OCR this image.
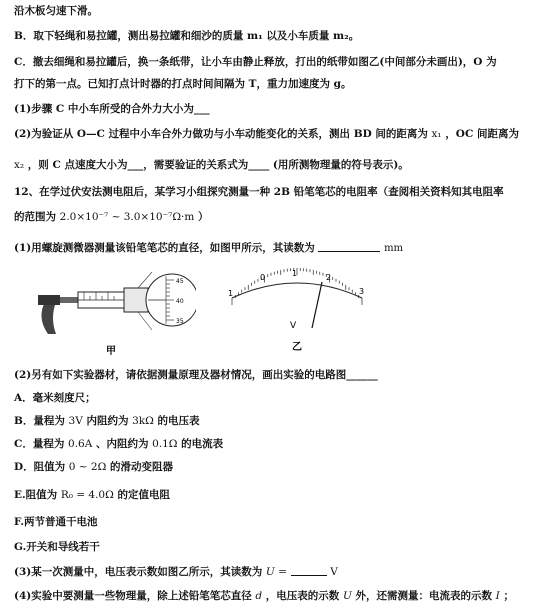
沿木板匀速下滑。
B．取下轻绳和易拉罐，测出易拉罐和细沙的质量 m₁ 以及小车质量 m₂。
C．撤去细绳和易拉罐后，换一条纸带，让小车由静止释放，打出的纸带如图乙(中间部分未画出)，O 为
打下的第一点。已知打点计时器的打点时间间隔为 T，重力加速度为 g。
(1)步骤 C 中小车所受的合外力大小为___
(2)为验证从 O—C 过程中小车合外力做功与小车动能变化的关系，测出 BD 间的距离为 x₁ ，OC 间距离为
x₂ ，则 C 点速度大小为___，需要验证的关系式为____ (用所测物理量的符号表示)。
12、在学过伏安法测电阻后，某学习小组探究测量一种 2B 铅笔笔芯的电阻率（查阅相关资料知其电阻率
的范围为 2.0×10⁻⁷ ~ 3.0×10⁻⁷Ω·m ）
(1)用螺旋测微器测量该铅笔笔芯的直径，如图甲所示，其读数为	mm
45
40
35
甲
1
0	1	2
3
V
乙
(2)另有如下实验器材，请依据测量原理及器材情况，画出实验的电路图______
A．毫米刻度尺；
B．量程为 3V 内阻约为 3kΩ 的电压表
C．量程为 0.6A 、内阻约为 0.1Ω 的电流表
D．阻值为 0 ~ 2Ω 的滑动变阻器
E.阻值为 R₀ = 4.0Ω 的定值电阻
F.两节普通干电池
G.开关和导线若干
(3)某一次测量中，电压表示数如图乙所示，其读数为 U =	V
(4)实验中要测量一些物理量，除上述铅笔笔芯直径 d ，电压表的示数 U 外，还需测量：电流表的示数 I ；
